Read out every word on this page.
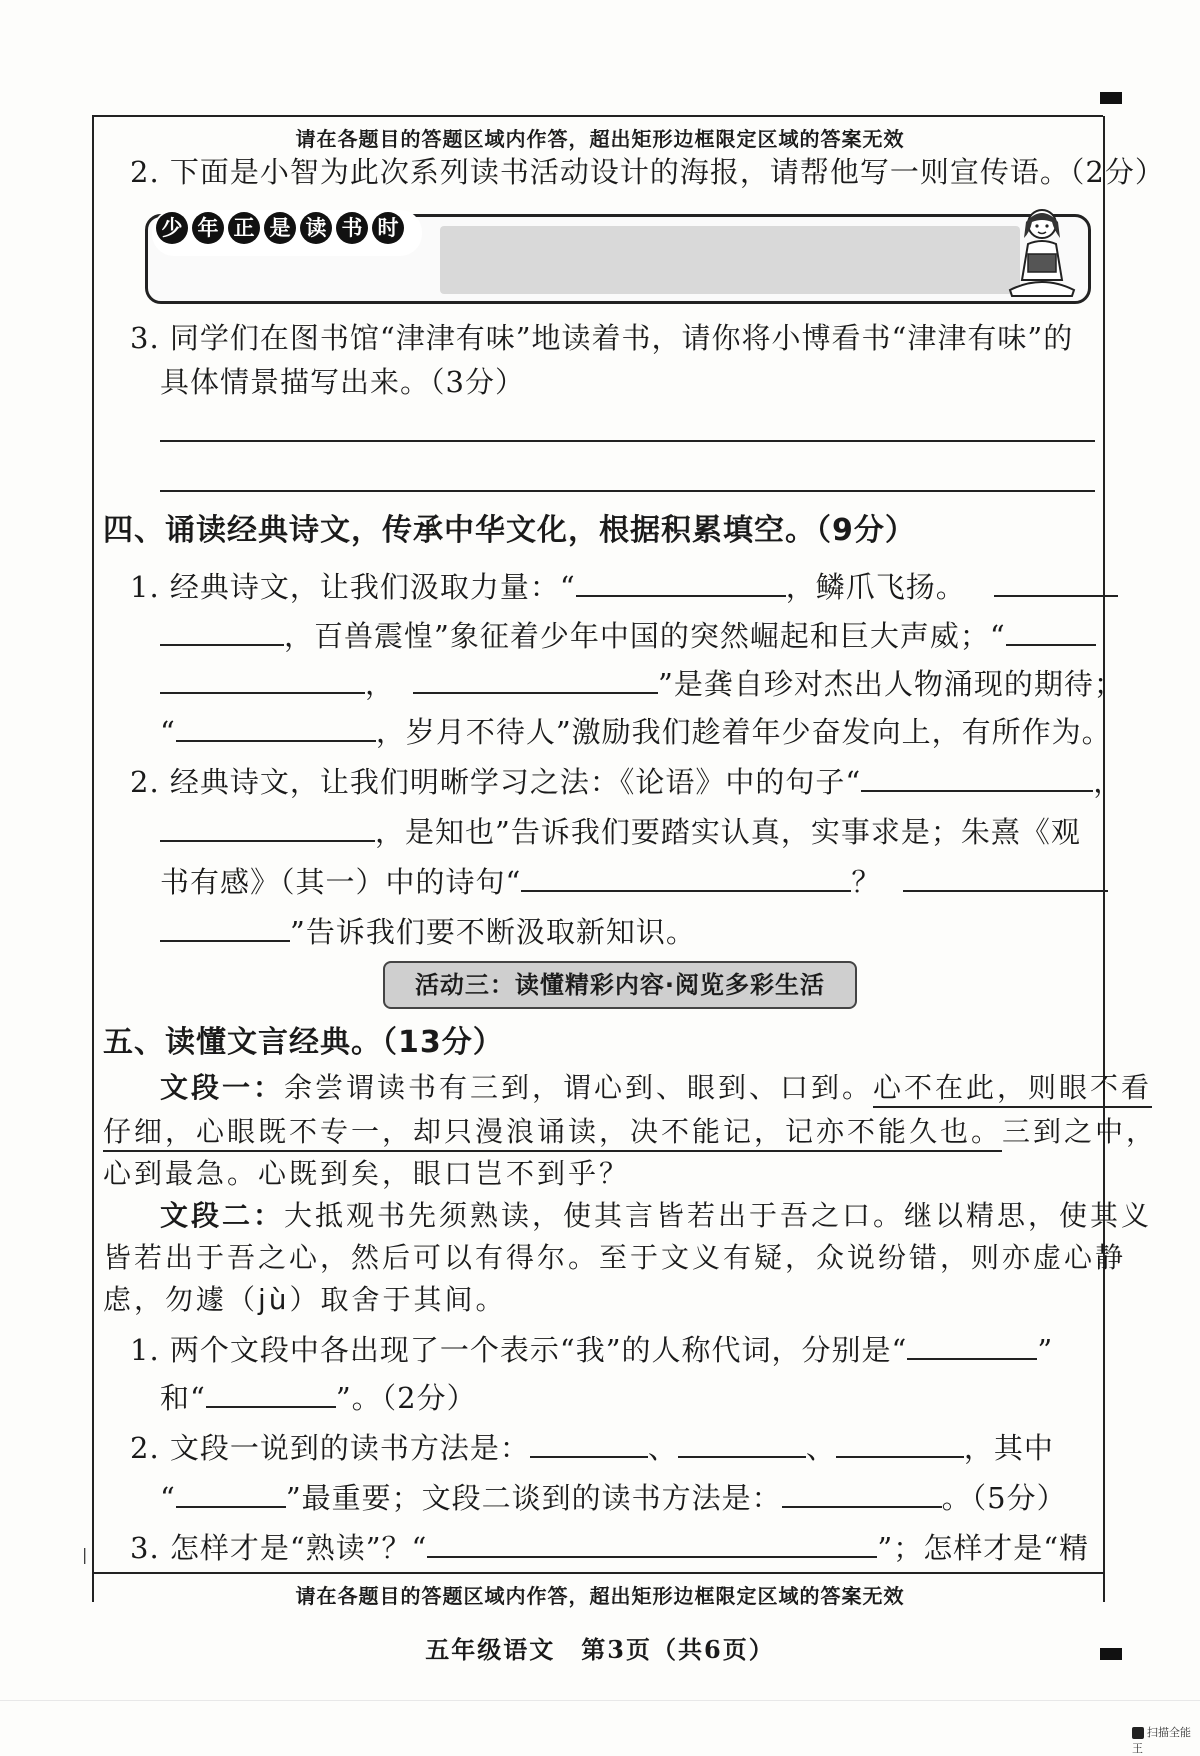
请在各题目的答题区域内作答，超出矩形边框限定区域的答案无效
2. 下面是小智为此次系列读书活动设计的海报，请帮他写一则宣传语。（2分）
少 年 正 是 读 书 时
3. 同学们在图书馆“津津有味”地读着书，请你将小博看书“津津有味”的
具体情景描写出来。（3分）
四、诵读经典诗文，传承中华文化，根据积累填空。（9分）
1. 经典诗文，让我们汲取力量：“	，鳞爪飞扬。
，百兽震惶”象征着少年中国的突然崛起和巨大声威；“
，	”是龚自珍对杰出人物涌现的期待；
“	，岁月不待人”激励我们趁着年少奋发向上，有所作为。
2. 经典诗文，让我们明晰学习之法：《论语》中的句子“	，
，是知也”告诉我们要踏实认真，实事求是；朱熹《观
书有感》（其一）中的诗句“	？
”告诉我们要不断汲取新知识。
活动三：读懂精彩内容·阅览多彩生活
五、读懂文言经典。（13分）
文段一：余尝谓读书有三到，谓心到、眼到、口到。心不在此，则眼不看
仔细，心眼既不专一，却只漫浪诵读，决不能记，记亦不能久也。三到之中，
心到最急。心既到矣，眼口岂不到乎？
文段二：大抵观书先须熟读，使其言皆若出于吾之口。继以精思，使其义
皆若出于吾之心，然后可以有得尔。至于文义有疑，众说纷错，则亦虚心静
虑，勿遽（jù）取舍于其间。
1. 两个文段中各出现了一个表示“我”的人称代词，分别是“	”
和“	”。（2分）
2. 文段一说到的读书方法是：	、	、	，其中
“	”最重要；文段二谈到的读书方法是：	。（5分）
3. 怎样才是“熟读”？“	”；怎样才是“精
|
请在各题目的答题区域内作答，超出矩形边框限定区域的答案无效
五年级语文　第3页（共6页）
扫描全能王
